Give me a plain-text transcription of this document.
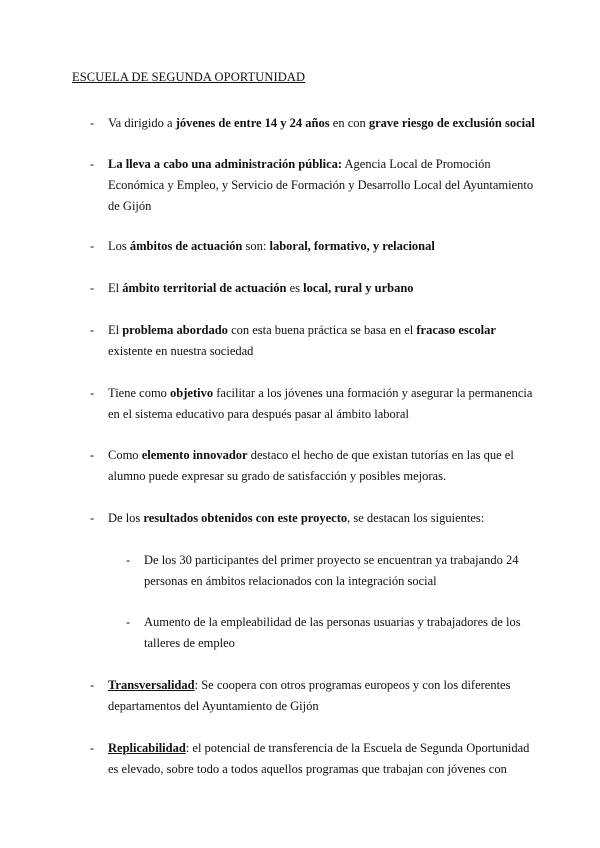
ESCUELA DE SEGUNDA OPORTUNIDAD
- Va dirigido a jóvenes de entre 14 y 24 años en con grave riesgo de exclusión social
- La lleva a cabo una administración pública: Agencia Local de Promoción Económica y Empleo, y Servicio de Formación y Desarrollo Local del Ayuntamiento de Gijón
- Los ámbitos de actuación son: laboral, formativo, y relacional
- El ámbito territorial de actuación es local, rural y urbano
- El problema abordado con esta buena práctica se basa en el fracaso escolar existente en nuestra sociedad
- Tiene como objetivo facilitar a los jóvenes una formación y asegurar la permanencia en el sistema educativo para después pasar al ámbito laboral
- Como elemento innovador destaco el hecho de que existan tutorías en las que el alumno puede expresar su grado de satisfacción y posibles mejoras.
- De los resultados obtenidos con este proyecto, se destacan los siguientes:
- De los 30 participantes del primer proyecto se encuentran ya trabajando 24 personas en ámbitos relacionados con la integración social
- Aumento de la empleabilidad de las personas usuarias y trabajadores de los talleres de empleo
- Transversalidad: Se coopera con otros programas europeos y con los diferentes departamentos del Ayuntamiento de Gijón
- Replicabilidad: el potencial de transferencia de la Escuela de Segunda Oportunidad es elevado, sobre todo a todos aquellos programas que trabajan con jóvenes con
